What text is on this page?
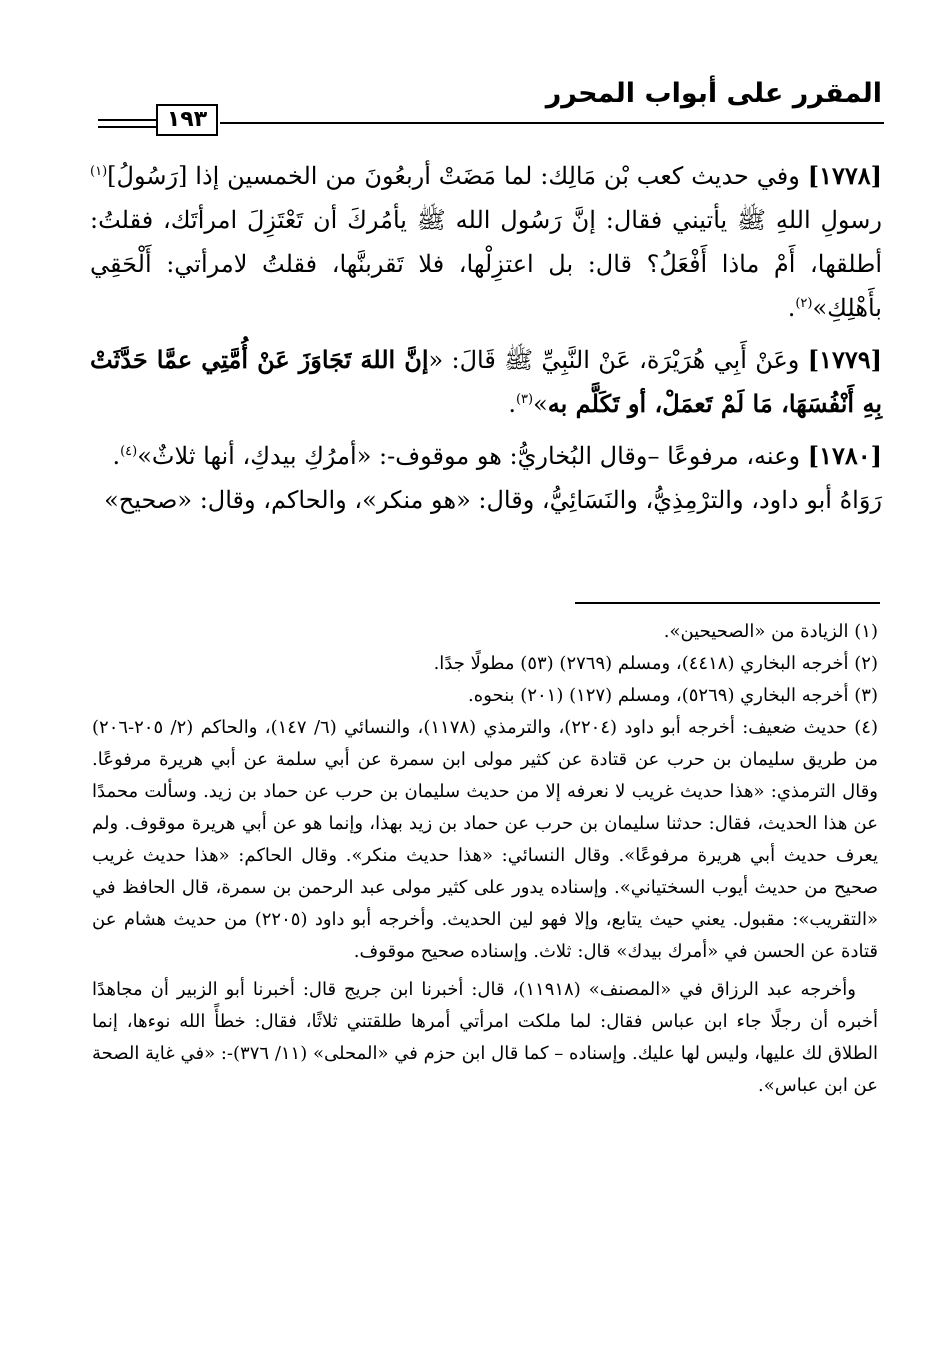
المقرر على أبواب المحرر
١٩٣

[١٧٧٨] وفي حديث كعب بْن مَالِك: لما مَضَتْ أربعُونَ من الخمسين إذا [رَسُولُ]$^{(١)}$ رسولِ اللهِ ﷺ يأتيني فقال: إنَّ رَسُول الله ﷺ يأمُركَ أن تَعْتَزِلَ امرأتَك، فقلتُ: أطلقها، أَمْ ماذا أَفْعَلُ؟ قال: بل اعتزِلْها، فلا تَقربنَّها، فقلتُ لامرأتي: أَلْحَقِي بأَهْلِكِ»$^{(٢)}$.

[١٧٧٩] وعَنْ أَبِي هُرَيْرَة، عَنْ النَّبِيِّ ﷺ قَالَ: «إنَّ اللهَ تَجَاوَزَ عَنْ أُمَّتِي عمَّا حَدَّثَتْ بِهِ أَنْفُسَهَا، مَا لَمْ تَعمَلْ، أو تَكَلَّم به»$^{(٣)}$.

[١٧٨٠] وعنه، مرفوعًا –وقال البُخاريُّ: هو موقوف-: «أمرُكِ بيدكِ، أنها ثلاثٌ»$^{(٤)}$.

رَوَاهُ أبو داود، والترْمِذِيُّ، والنَسَائِيُّ، وقال: «هو منكر»، والحاكم، وقال: «صحيح»

(١) الزيادة من «الصحيحين».

(٢) أخرجه البخاري (٤٤١٨)، ومسلم (٢٧٦٩) (٥٣) مطولًا جدًا.

(٣) أخرجه البخاري (٥٢٦٩)، ومسلم (١٢٧) (٢٠١) بنحوه.

(٤) حديث ضعيف: أخرجه أبو داود (٢٢٠٤)، والترمذي (١١٧٨)، والنسائي (٦/ ١٤٧)، والحاكم (٢/ ٢٠٥-٢٠٦) من طريق سليمان بن حرب عن قتادة عن كثير مولى ابن سمرة عن أبي سلمة عن أبي هريرة مرفوعًا. وقال الترمذي: «هذا حديث غريب لا نعرفه إلا من حديث سليمان بن حرب عن حماد بن زيد. وسألت محمدًا عن هذا الحديث، فقال: حدثنا سليمان بن حرب عن حماد بن زيد بهذا، وإنما هو عن أبي هريرة موقوف. ولم يعرف حديث أبي هريرة مرفوعًا». وقال النسائي: «هذا حديث منكر». وقال الحاكم: «هذا حديث غريب صحيح من حديث أيوب السختياني». وإسناده يدور على كثير مولى عبد الرحمن بن سمرة، قال الحافظ في «التقريب»: مقبول. يعني حيث يتابع، وإلا فهو لين الحديث. وأخرجه أبو داود (٢٢٠٥) من حديث هشام عن قتادة عن الحسن في «أمرك بيدك» قال: ثلاث. وإسناده صحيح موقوف.

وأخرجه عبد الرزاق في «المصنف» (١١٩١٨)، قال: أخبرنا ابن جريج قال: أخبرنا أبو الزبير أن مجاهدًا أخبره أن رجلًا جاء ابن عباس فقال: لما ملكت امرأتي أمرها طلقتني ثلاثًا، فقال: خطأً الله نوءها، إنما الطلاق لك عليها، وليس لها عليك. وإسناده – كما قال ابن حزم في «المحلى» (١١/ ٣٧٦)-: «في غاية الصحة عن ابن عباس».
